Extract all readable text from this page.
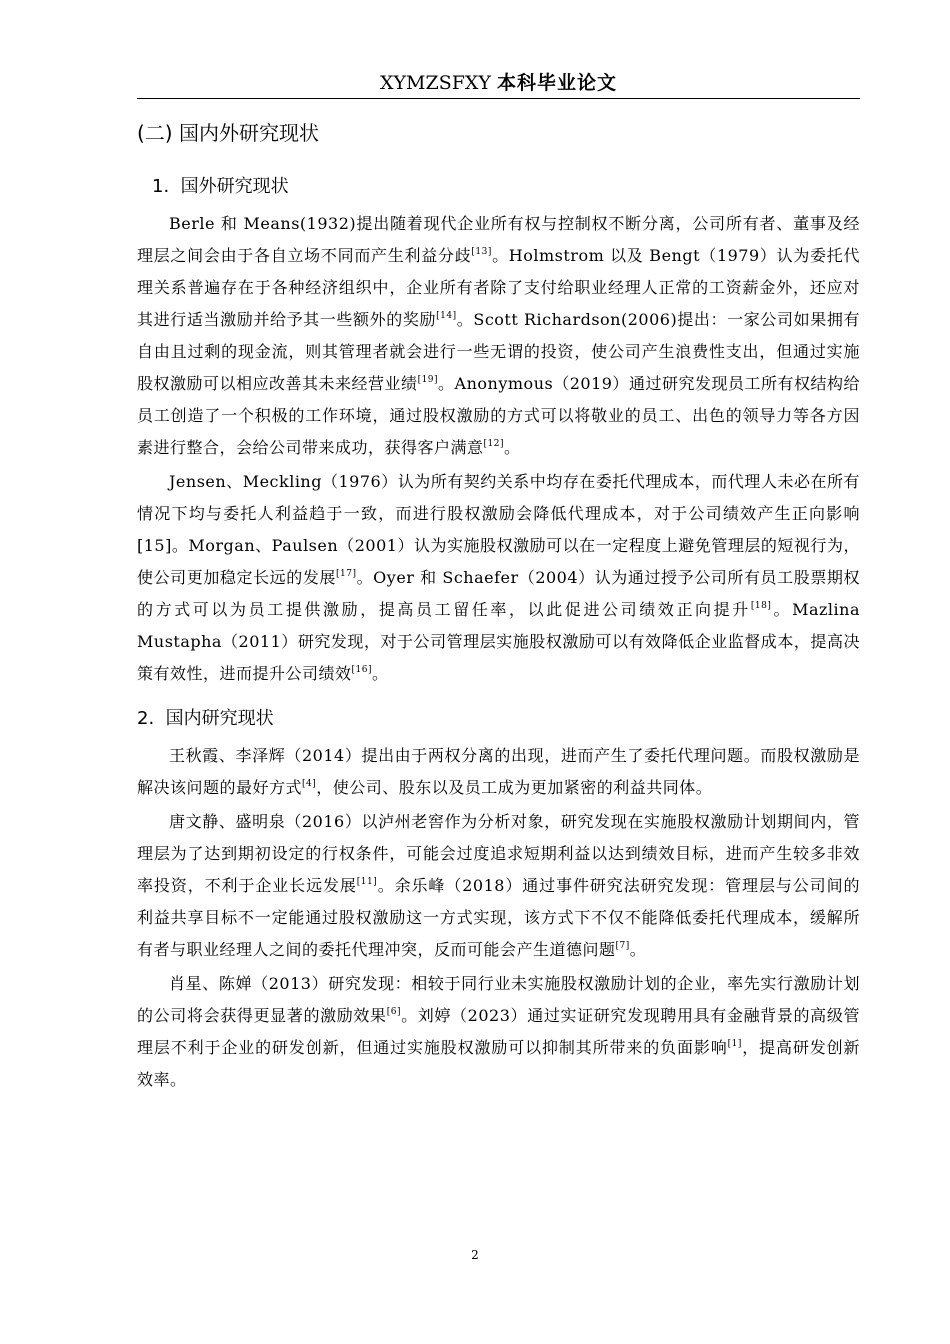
XYMZSFXY 本科毕业论文
(二) 国内外研究现状
1.  国外研究现状

Berle 和 Means(1932)提出随着现代企业所有权与控制权不断分离，公司所有者、董事及经理层之间会由于各自立场不同而产生利益分歧[13]。Holmstrom 以及 Bengt（1979）认为委托代理关系普遍存在于各种经济组织中，企业所有者除了支付给职业经理人正常的工资薪金外，还应对其进行适当激励并给予其一些额外的奖励[14]。Scott Richardson(2006)提出：一家公司如果拥有自由且过剩的现金流，则其管理者就会进行一些无谓的投资，使公司产生浪费性支出，但通过实施股权激励可以相应改善其未来经营业绩[19]。Anonymous（2019）通过研究发现员工所有权结构给员工创造了一个积极的工作环境，通过股权激励的方式可以将敬业的员工、出色的领导力等各方因素进行整合，会给公司带来成功，获得客户满意[12]。

Jensen、Meckling（1976）认为所有契约关系中均存在委托代理成本，而代理人未必在所有情况下均与委托人利益趋于一致，而进行股权激励会降低代理成本，对于公司绩效产生正向影响[15]。Morgan、Paulsen（2001）认为实施股权激励可以在一定程度上避免管理层的短视行为，使公司更加稳定长远的发展[17]。Oyer 和 Schaefer（2004）认为通过授予公司所有员工股票期权的方式可以为员工提供激励，提高员工留任率，以此促进公司绩效正向提升[18]。Mazlina Mustapha（2011）研究发现，对于公司管理层实施股权激励可以有效降低企业监督成本，提高决策有效性，进而提升公司绩效[16]。

2.  国内研究现状

王秋霞、李泽辉（2014）提出由于两权分离的出现，进而产生了委托代理问题。而股权激励是解决该问题的最好方式[4]，使公司、股东以及员工成为更加紧密的利益共同体。

唐文静、盛明泉（2016）以泸州老窖作为分析对象，研究发现在实施股权激励计划期间内，管理层为了达到期初设定的行权条件，可能会过度追求短期利益以达到绩效目标，进而产生较多非效率投资，不利于企业长远发展[11]。余乐峰（2018）通过事件研究法研究发现：管理层与公司间的利益共享目标不一定能通过股权激励这一方式实现，该方式下不仅不能降低委托代理成本，缓解所有者与职业经理人之间的委托代理冲突，反而可能会产生道德问题[7]。

肖星、陈婵（2013）研究发现：相较于同行业未实施股权激励计划的企业，率先实行激励计划的公司将会获得更显著的激励效果[6]。刘婷（2023）通过实证研究发现聘用具有金融背景的高级管理层不利于企业的研发创新，但通过实施股权激励可以抑制其所带来的负面影响[1]，提高研发创新效率。

2
